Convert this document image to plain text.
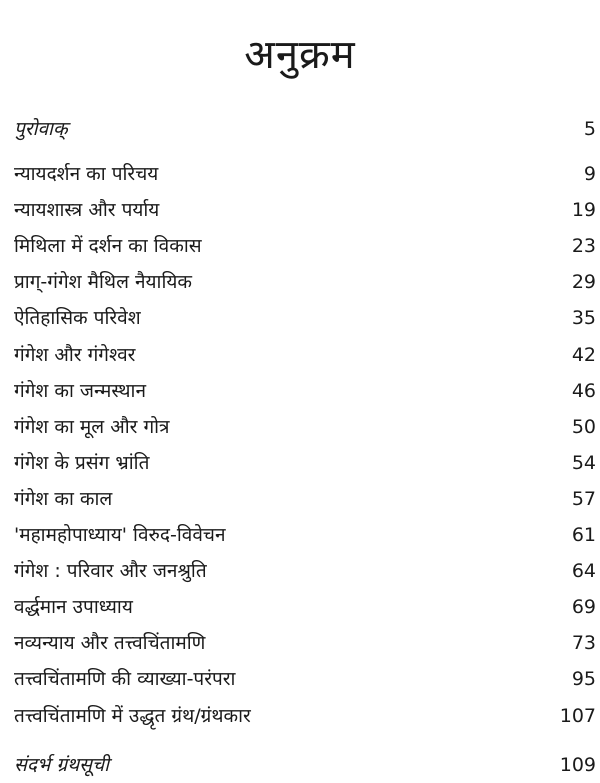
अनुक्रम
पुरोवाक्	5
न्यायदर्शन का परिचय	9
न्यायशास्त्र और पर्याय	19
मिथिला में दर्शन का विकास	23
प्राग्-गंगेश मैथिल नैयायिक	29
ऐतिहासिक परिवेश	35
गंगेश और गंगेश्वर	42
गंगेश का जन्मस्थान	46
गंगेश का मूल और गोत्र	50
गंगेश के प्रसंग भ्रांति	54
गंगेश का काल	57
'महामहोपाध्याय' विरुद-विवेचन	61
गंगेश : परिवार और जनश्रुति	64
वर्द्धमान उपाध्याय	69
नव्यन्याय और तत्त्वचिंतामणि	73
तत्त्वचिंतामणि की व्याख्या-परंपरा	95
तत्त्वचिंतामणि में उद्धृत ग्रंथ/ग्रंथकार	107
संदर्भ ग्रंथसूची	109
